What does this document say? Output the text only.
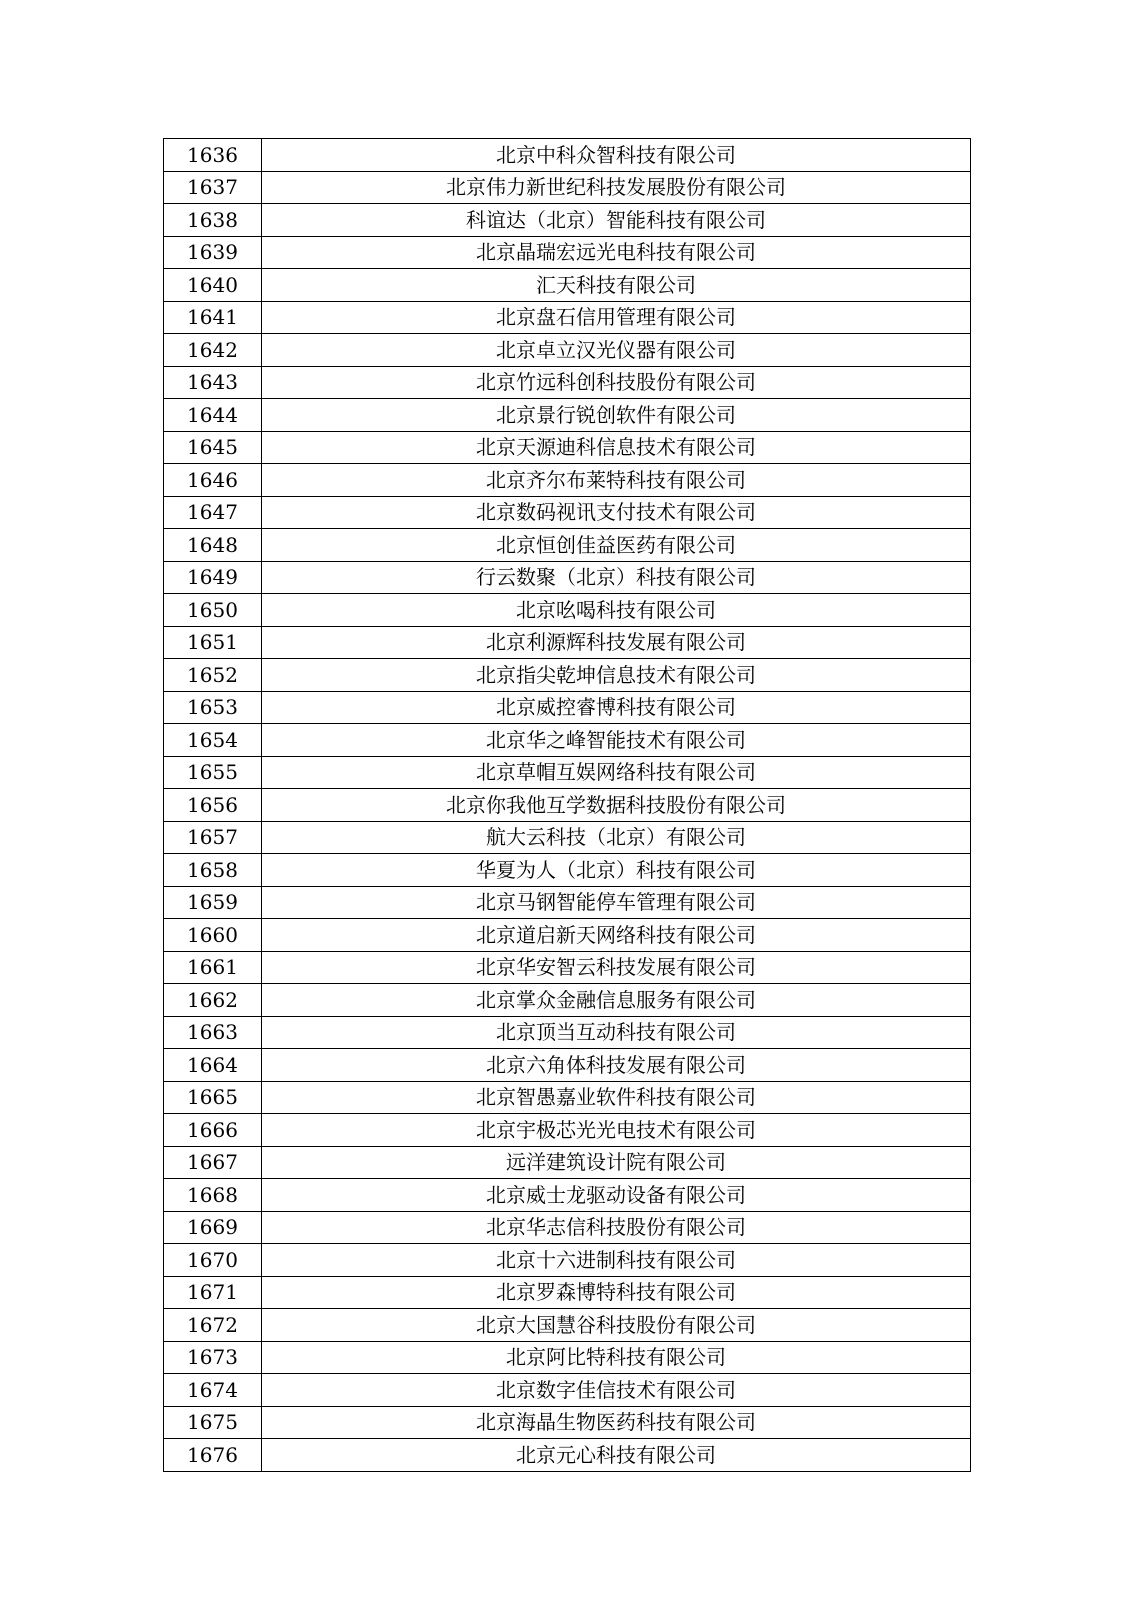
1636	北京中科众智科技有限公司
1637	北京伟力新世纪科技发展股份有限公司
1638	科谊达（北京）智能科技有限公司
1639	北京晶瑞宏远光电科技有限公司
1640	汇天科技有限公司
1641	北京盘石信用管理有限公司
1642	北京卓立汉光仪器有限公司
1643	北京竹远科创科技股份有限公司
1644	北京景行锐创软件有限公司
1645	北京天源迪科信息技术有限公司
1646	北京齐尔布莱特科技有限公司
1647	北京数码视讯支付技术有限公司
1648	北京恒创佳益医药有限公司
1649	行云数聚（北京）科技有限公司
1650	北京吆喝科技有限公司
1651	北京利源辉科技发展有限公司
1652	北京指尖乾坤信息技术有限公司
1653	北京威控睿博科技有限公司
1654	北京华之峰智能技术有限公司
1655	北京草帽互娱网络科技有限公司
1656	北京你我他互学数据科技股份有限公司
1657	航大云科技（北京）有限公司
1658	华夏为人（北京）科技有限公司
1659	北京马钢智能停车管理有限公司
1660	北京道启新天网络科技有限公司
1661	北京华安智云科技发展有限公司
1662	北京掌众金融信息服务有限公司
1663	北京顶当互动科技有限公司
1664	北京六角体科技发展有限公司
1665	北京智愚嘉业软件科技有限公司
1666	北京宇极芯光光电技术有限公司
1667	远洋建筑设计院有限公司
1668	北京威士龙驱动设备有限公司
1669	北京华志信科技股份有限公司
1670	北京十六进制科技有限公司
1671	北京罗森博特科技有限公司
1672	北京大国慧谷科技股份有限公司
1673	北京阿比特科技有限公司
1674	北京数字佳信技术有限公司
1675	北京海晶生物医药科技有限公司
1676	北京元心科技有限公司
